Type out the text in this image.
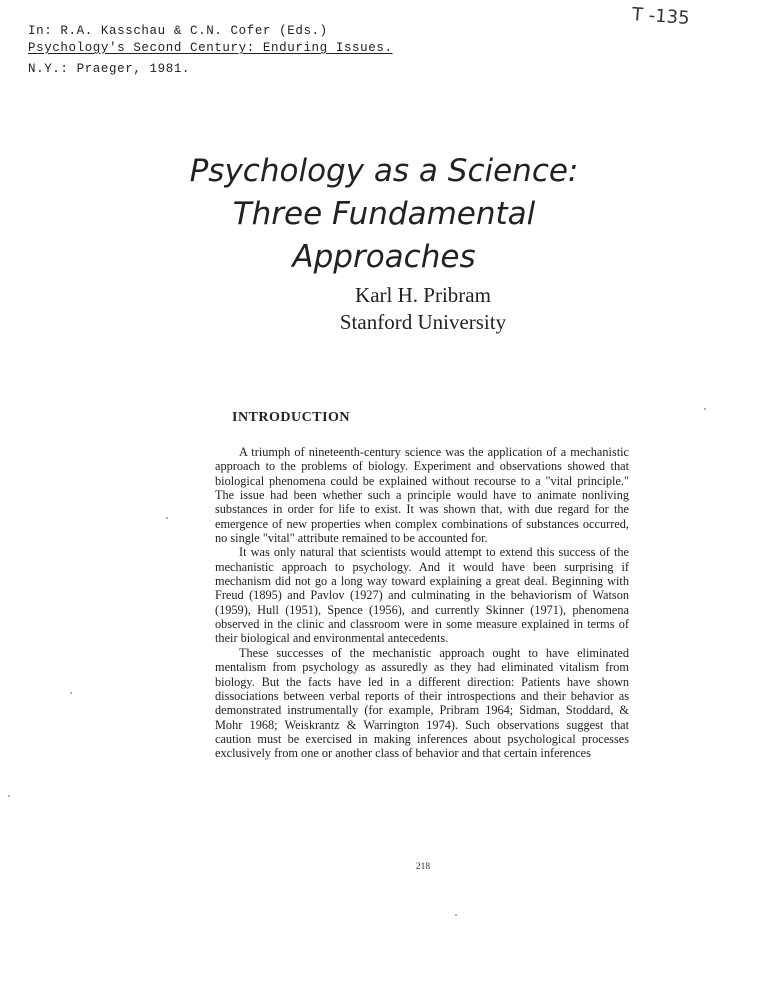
In: R.A. Kasschau & C.N. Cofer (Eds.)
Psychology's Second Century: Enduring Issues.
N.Y.: Praeger, 1981.
T -135
Psychology as a Science:
Three Fundamental
Approaches
Karl H. Pribram
Stanford University
INTRODUCTION

A triumph of nineteenth-century science was the application of a mechanistic approach to the problems of biology. Experiment and observations showed that biological phenomena could be explained without recourse to a "vital principle." The issue had been whether such a principle would have to animate nonliving substances in order for life to exist. It was shown that, with due regard for the emergence of new properties when complex combinations of substances occurred, no single "vital" attribute remained to be accounted for.

It was only natural that scientists would attempt to extend this success of the mechanistic approach to psychology. And it would have been surprising if mechanism did not go a long way toward explaining a great deal. Beginning with Freud (1895) and Pavlov (1927) and culminating in the behaviorism of Watson (1959), Hull (1951), Spence (1956), and currently Skinner (1971), phenomena observed in the clinic and classroom were in some measure explained in terms of their biological and environmental antecedents.

These successes of the mechanistic approach ought to have eliminated mentalism from psychology as assuredly as they had eliminated vitalism from biology. But the facts have led in a different direction: Patients have shown dissociations between verbal reports of their introspections and their behavior as demonstrated instrumentally (for example, Pribram 1964; Sidman, Stoddard, & Mohr 1968; Weiskrantz & Warrington 1974). Such observations suggest that caution must be exercised in making inferences about psychological processes exclusively from one or another class of behavior and that certain inferences

218
